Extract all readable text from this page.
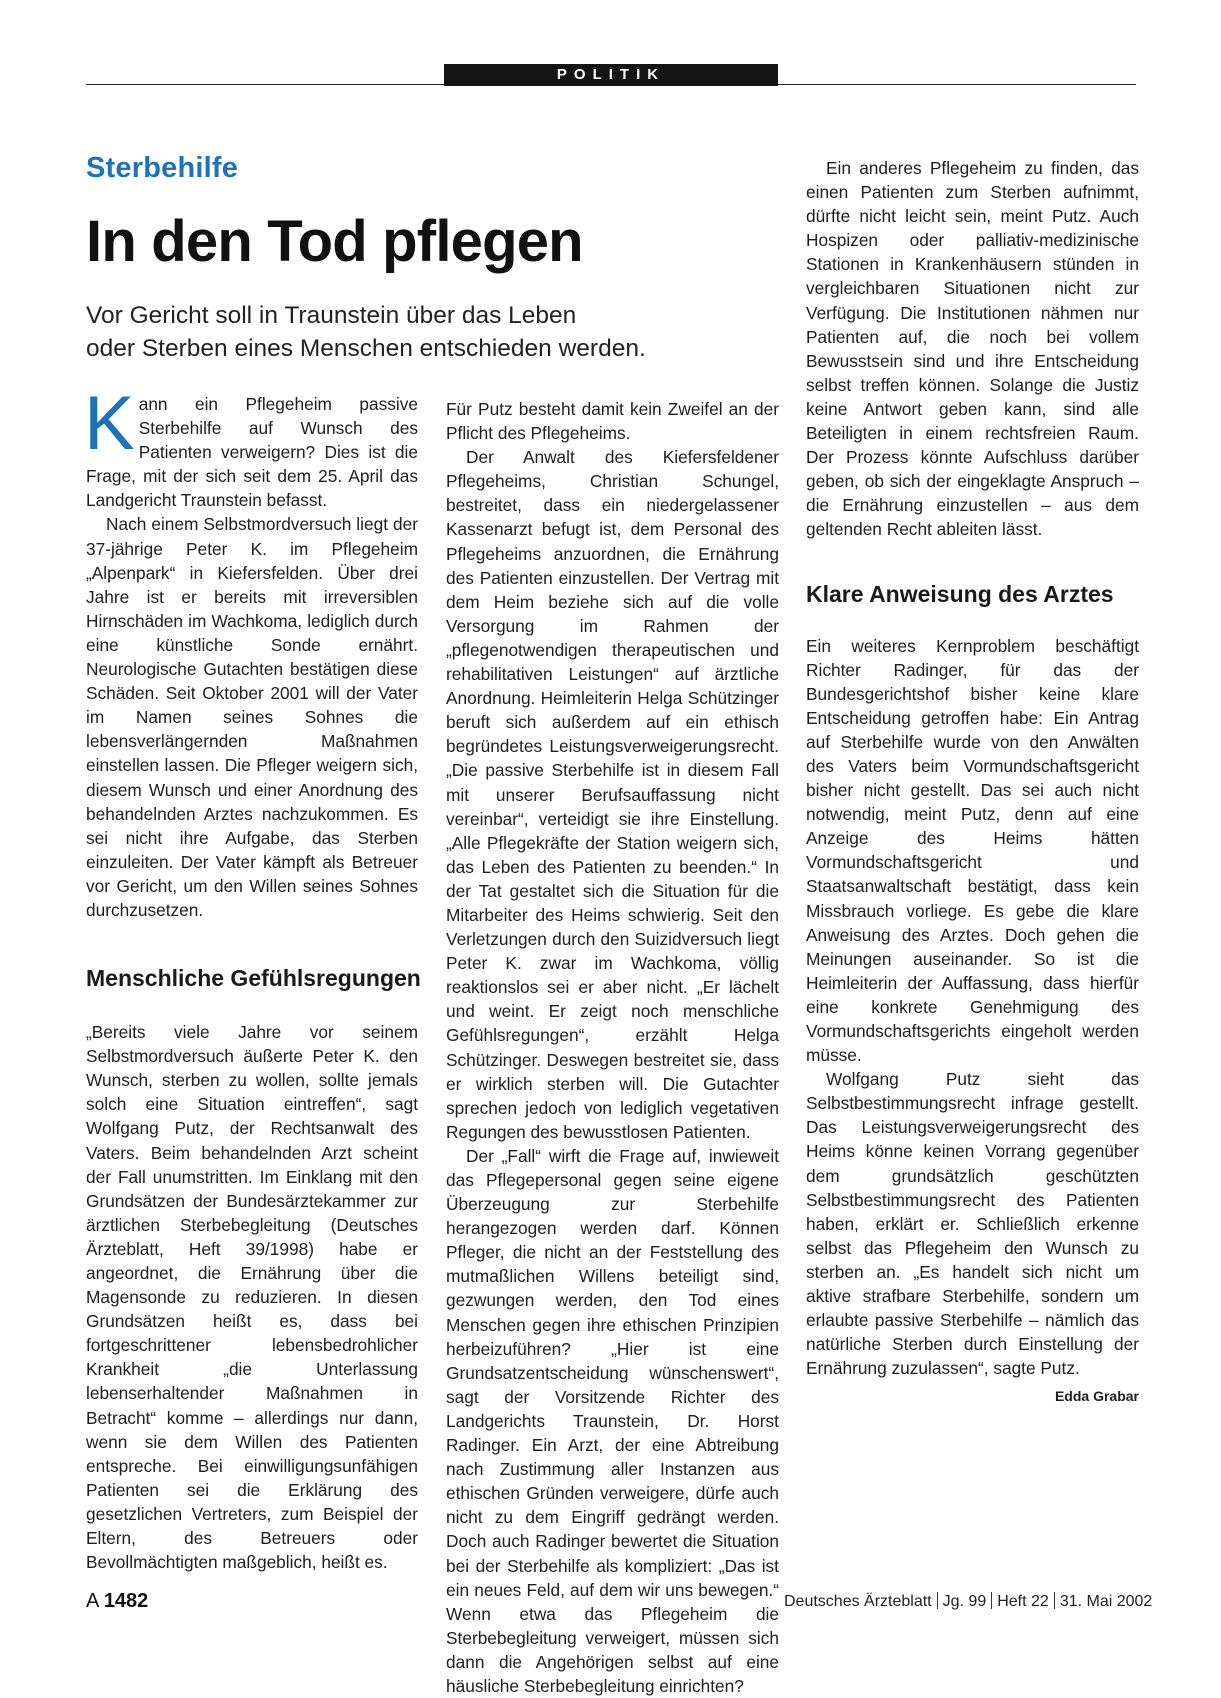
POLITIK
Sterbehilfe
In den Tod pflegen
Vor Gericht soll in Traunstein über das Leben
oder Sterben eines Menschen entschieden werden.

Kann ein Pflegeheim passive Sterbehilfe auf Wunsch des Patienten verweigern? Dies ist die Frage, mit der sich seit dem 25. April das Landgericht Traunstein befasst.

Nach einem Selbstmordversuch liegt der 37-jährige Peter K. im Pflegeheim „Alpenpark“ in Kiefersfelden. Über drei Jahre ist er bereits mit irreversiblen Hirnschäden im Wachkoma, lediglich durch eine künstliche Sonde ernährt. Neurologische Gutachten bestätigen diese Schäden. Seit Oktober 2001 will der Vater im Namen seines Sohnes die lebensverlängernden Maßnahmen einstellen lassen. Die Pfleger weigern sich, diesem Wunsch und einer Anordnung des behandelnden Arztes nachzukommen. Es sei nicht ihre Aufgabe, das Sterben einzuleiten. Der Vater kämpft als Betreuer vor Gericht, um den Willen seines Sohnes durchzusetzen.

Menschliche Gefühlsregungen

„Bereits viele Jahre vor seinem Selbstmordversuch äußerte Peter K. den Wunsch, sterben zu wollen, sollte jemals solch eine Situation eintreffen“, sagt Wolfgang Putz, der Rechtsanwalt des Vaters. Beim behandelnden Arzt scheint der Fall unumstritten. Im Einklang mit den Grundsätzen der Bundesärztekammer zur ärztlichen Sterbebegleitung (Deutsches Ärzteblatt, Heft 39/1998) habe er angeordnet, die Ernährung über die Magensonde zu reduzieren. In diesen Grundsätzen heißt es, dass bei fortgeschrittener lebensbedrohlicher Krankheit „die Unterlassung lebenserhaltender Maßnahmen in Betracht“ komme – allerdings nur dann, wenn sie dem Willen des Patienten entspreche. Bei einwilligungsunfähigen Patienten sei die Erklärung des gesetzlichen Vertreters, zum Beispiel der Eltern, des Betreuers oder Bevollmächtigten maßgeblich, heißt es.

Für Putz besteht damit kein Zweifel an der Pflicht des Pflegeheims.

Der Anwalt des Kiefersfeldener Pflegeheims, Christian Schungel, bestreitet, dass ein niedergelassener Kassenarzt befugt ist, dem Personal des Pflegeheims anzuordnen, die Ernährung des Patienten einzustellen. Der Vertrag mit dem Heim beziehe sich auf die volle Versorgung im Rahmen der „pflegenotwendigen therapeutischen und rehabilitativen Leistungen“ auf ärztliche Anordnung. Heimleiterin Helga Schützinger beruft sich außerdem auf ein ethisch begründetes Leistungsverweigerungsrecht. „Die passive Sterbehilfe ist in diesem Fall mit unserer Berufsauffassung nicht vereinbar“, verteidigt sie ihre Einstellung. „Alle Pflegekräfte der Station weigern sich, das Leben des Patienten zu beenden.“ In der Tat gestaltet sich die Situation für die Mitarbeiter des Heims schwierig. Seit den Verletzungen durch den Suizidversuch liegt Peter K. zwar im Wachkoma, völlig reaktionslos sei er aber nicht. „Er lächelt und weint. Er zeigt noch menschliche Gefühlsregungen“, erzählt Helga Schützinger. Deswegen bestreitet sie, dass er wirklich sterben will. Die Gutachter sprechen jedoch von lediglich vegetativen Regungen des bewusstlosen Patienten.

Der „Fall“ wirft die Frage auf, inwieweit das Pflegepersonal gegen seine eigene Überzeugung zur Sterbehilfe herangezogen werden darf. Können Pfleger, die nicht an der Feststellung des mutmaßlichen Willens beteiligt sind, gezwungen werden, den Tod eines Menschen gegen ihre ethischen Prinzipien herbeizuführen? „Hier ist eine Grundsatzentscheidung wünschenswert“, sagt der Vorsitzende Richter des Landgerichts Traunstein, Dr. Horst Radinger. Ein Arzt, der eine Abtreibung nach Zustimmung aller Instanzen aus ethischen Gründen verweigere, dürfe auch nicht zu dem Eingriff gedrängt werden. Doch auch Radinger bewertet die Situation bei der Sterbehilfe als kompliziert: „Das ist ein neues Feld, auf dem wir uns bewegen.“ Wenn etwa das Pflegeheim die Sterbebegleitung verweigert, müssen sich dann die Angehörigen selbst auf eine häusliche Sterbebegleitung einrichten?

Ein anderes Pflegeheim zu finden, das einen Patienten zum Sterben aufnimmt, dürfte nicht leicht sein, meint Putz. Auch Hospizen oder palliativ-medizinische Stationen in Krankenhäusern stünden in vergleichbaren Situationen nicht zur Verfügung. Die Institutionen nähmen nur Patienten auf, die noch bei vollem Bewusstsein sind und ihre Entscheidung selbst treffen können. Solange die Justiz keine Antwort geben kann, sind alle Beteiligten in einem rechtsfreien Raum. Der Prozess könnte Aufschluss darüber geben, ob sich der eingeklagte Anspruch – die Ernährung einzustellen – aus dem geltenden Recht ableiten lässt.

Klare Anweisung des Arztes

Ein weiteres Kernproblem beschäftigt Richter Radinger, für das der Bundesgerichtshof bisher keine klare Entscheidung getroffen habe: Ein Antrag auf Sterbehilfe wurde von den Anwälten des Vaters beim Vormundschaftsgericht bisher nicht gestellt. Das sei auch nicht notwendig, meint Putz, denn auf eine Anzeige des Heims hätten Vormundschaftsgericht und Staatsanwaltschaft bestätigt, dass kein Missbrauch vorliege. Es gebe die klare Anweisung des Arztes. Doch gehen die Meinungen auseinander. So ist die Heimleiterin der Auffassung, dass hierfür eine konkrete Genehmigung des Vormundschaftsgerichts eingeholt werden müsse.

Wolfgang Putz sieht das Selbstbestimmungsrecht infrage gestellt. Das Leistungsverweigerungsrecht des Heims könne keinen Vorrang gegenüber dem grundsätzlich geschützten Selbstbestimmungsrecht des Patienten haben, erklärt er. Schließlich erkenne selbst das Pflegeheim den Wunsch zu sterben an. „Es handelt sich nicht um aktive strafbare Sterbehilfe, sondern um erlaubte passive Sterbehilfe – nämlich das natürliche Sterben durch Einstellung der Ernährung zuzulassen“, sagte Putz.
Edda Grabar

A 1482	Deutsches Ärzteblatt Jg. 99 Heft 22 31. Mai 2002
